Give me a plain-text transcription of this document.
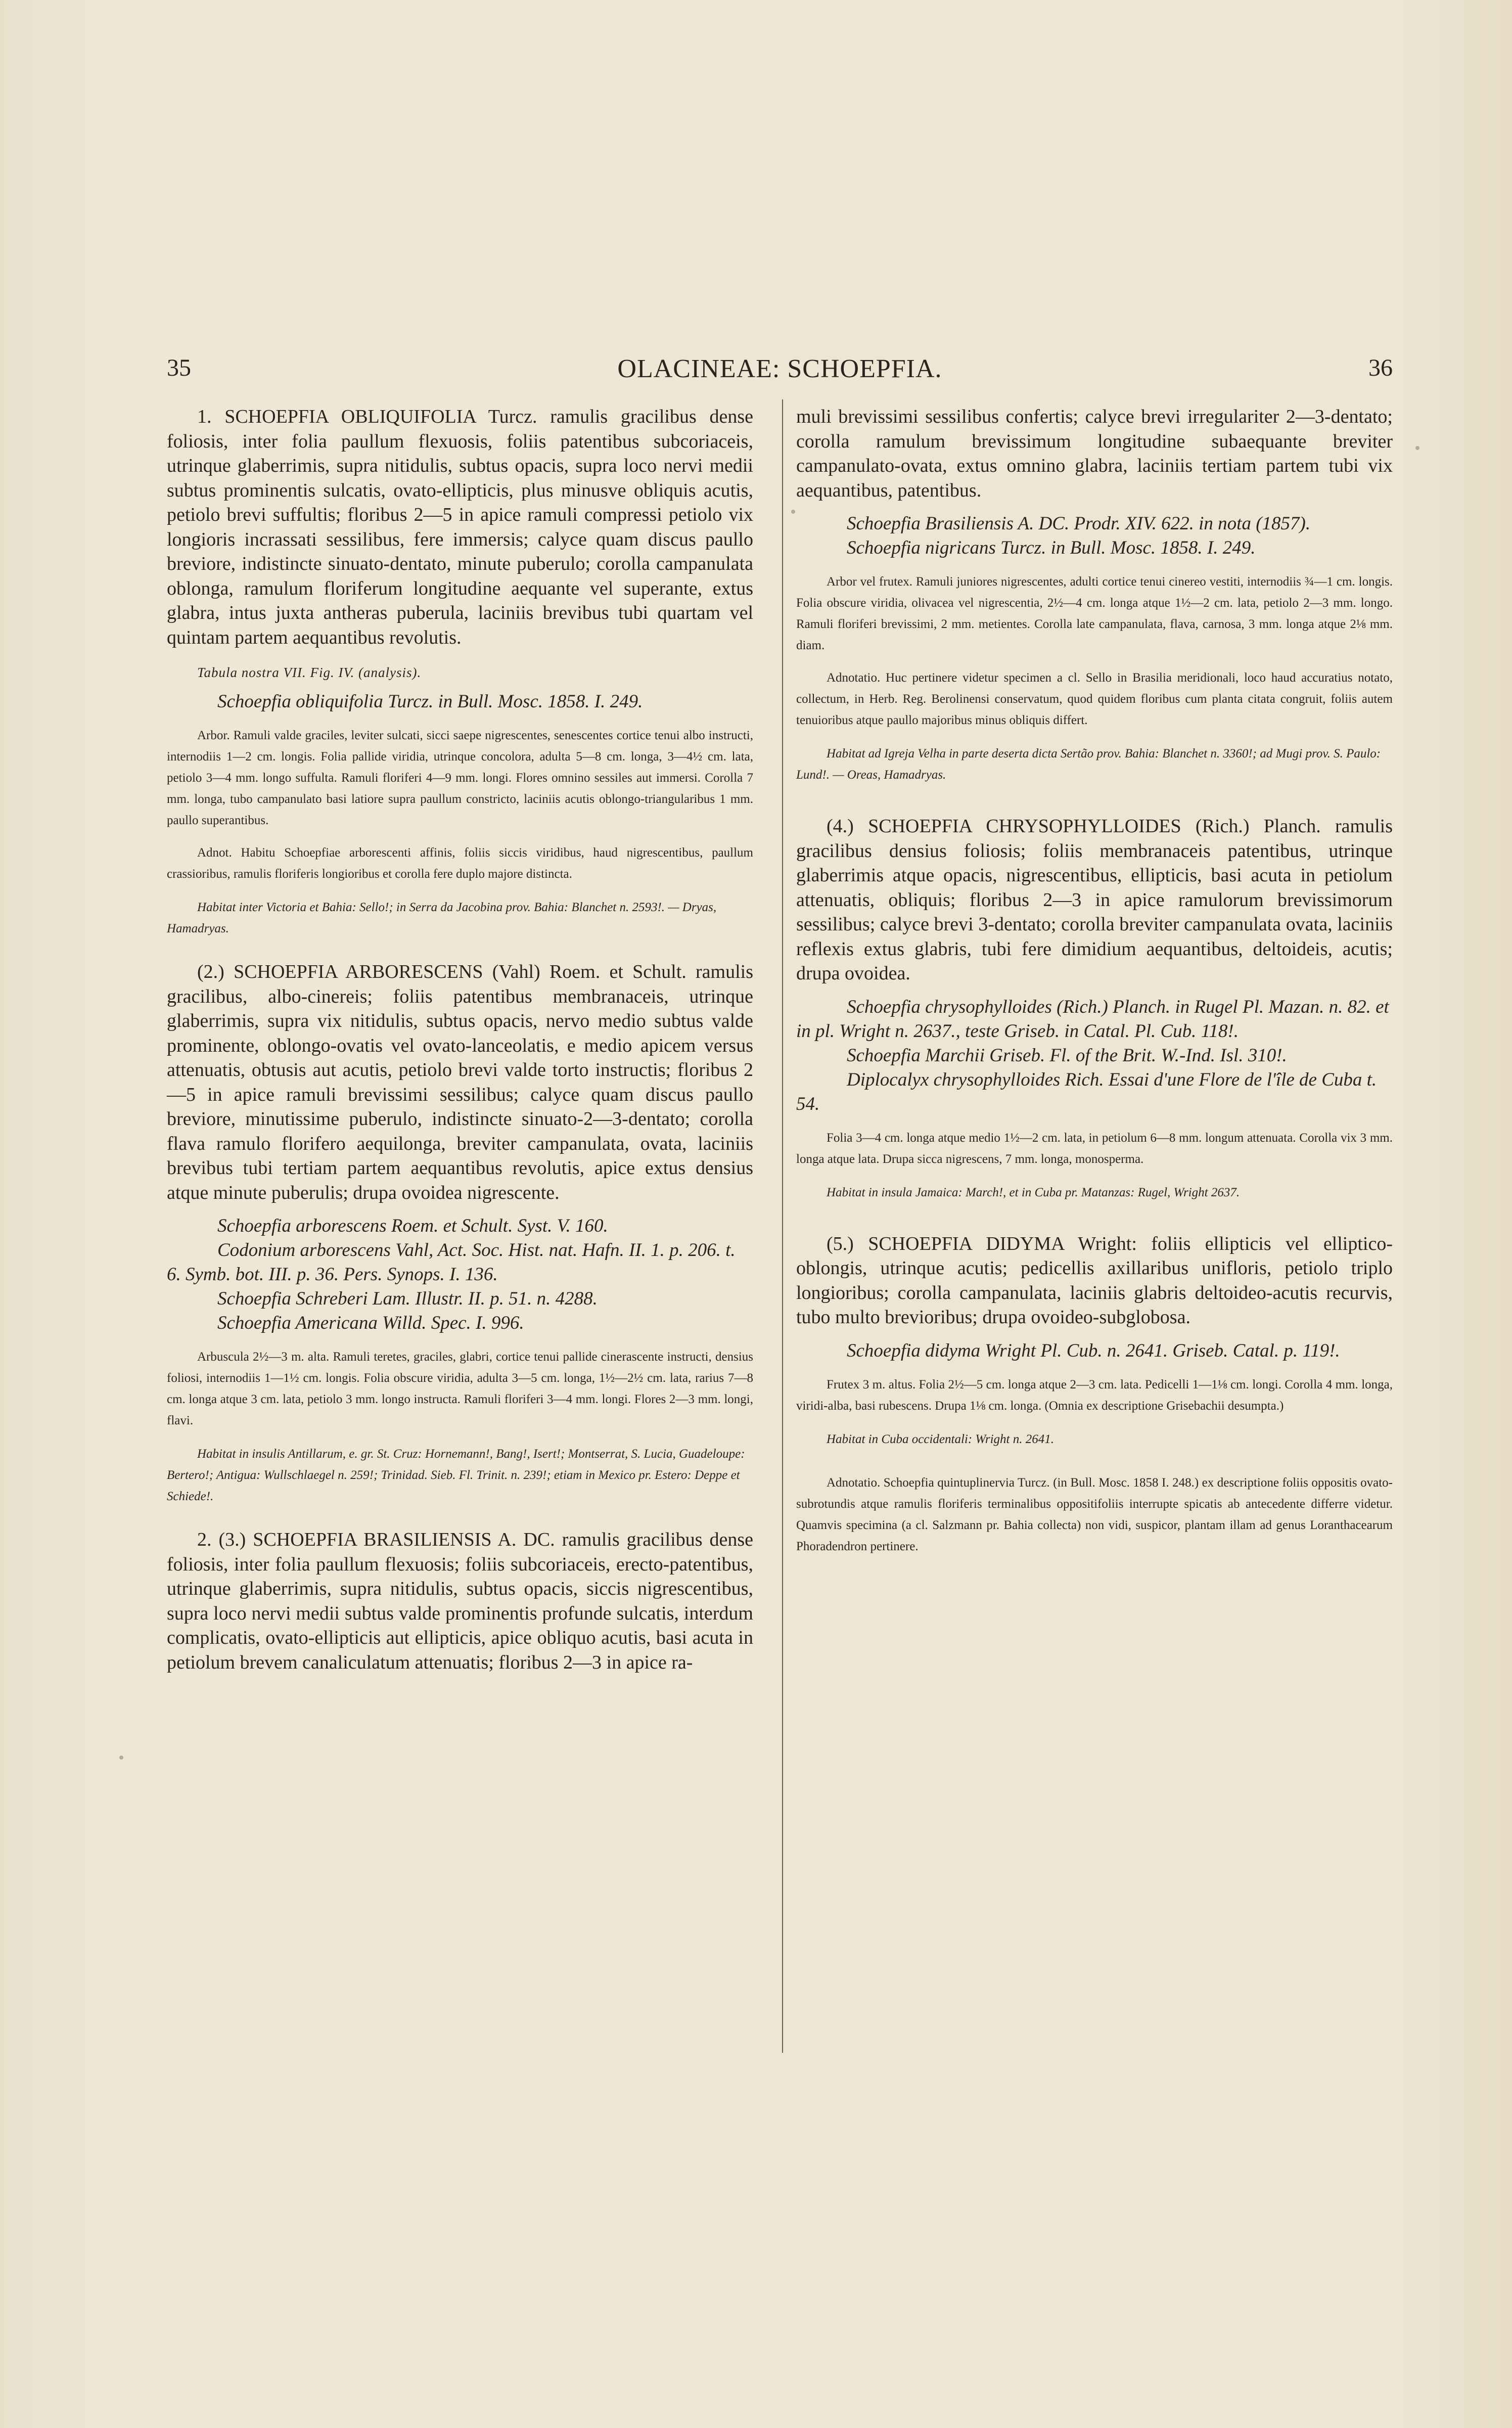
35	OLACINEAE: SCHOEPFIA.	36

1. SCHOEPFIA OBLIQUIFOLIA Turcz. ramulis gracilibus dense foliosis, inter folia paullum flexuosis, foliis patentibus subcoriaceis, utrinque glaberrimis, supra nitidulis, subtus opacis, supra loco nervi medii subtus prominentis sulcatis, ovato-ellipticis, plus minusve obliquis acutis, petiolo brevi suffultis; floribus 2—5 in apice ramuli compressi petiolo vix longioris incrassati sessilibus, fere immersis; calyce quam discus paullo breviore, indistincte sinuato-dentato, minute puberulo; corolla campanulata oblonga, ramulum floriferum longitudine aequante vel superante, extus glabra, intus juxta antheras puberula, laciniis brevibus tubi quartam vel quintam partem aequantibus revolutis.

Tabula nostra VII. Fig. IV. (analysis).

Schoepfia obliquifolia Turcz. in Bull. Mosc. 1858. I. 249.

Arbor. Ramuli valde graciles, leviter sulcati, sicci saepe nigrescentes, senescentes cortice tenui albo instructi, internodiis 1—2 cm. longis. Folia pallide viridia, utrinque concolora, adulta 5—8 cm. longa, 3—4½ cm. lata, petiolo 3—4 mm. longo suffulta. Ramuli floriferi 4—9 mm. longi. Flores omnino sessiles aut immersi. Corolla 7 mm. longa, tubo campanulato basi latiore supra paullum constricto, laciniis acutis oblongo-triangularibus 1 mm. paullo superantibus.

Adnot. Habitu Schoepfiae arborescenti affinis, foliis siccis viridibus, haud nigrescentibus, paullum crassioribus, ramulis floriferis longioribus et corolla fere duplo majore distincta.

Habitat inter Victoria et Bahia: Sello!; in Serra da Jacobina prov. Bahia: Blanchet n. 2593!. — Dryas, Hamadryas.

(2.) SCHOEPFIA ARBORESCENS (Vahl) Roem. et Schult. ramulis gracilibus, albo-cinereis; foliis patentibus membranaceis, utrinque glaberrimis, supra vix nitidulis, subtus opacis, nervo medio subtus valde prominente, oblongo-ovatis vel ovato-lanceolatis, e medio apicem versus attenuatis, obtusis aut acutis, petiolo brevi valde torto instructis; floribus 2—5 in apice ramuli brevissimi sessilibus; calyce quam discus paullo breviore, minutissime puberulo, indistincte sinuato-2—3-dentato; corolla flava ramulo florifero aequilonga, breviter campanulata, ovata, laciniis brevibus tubi tertiam partem aequantibus revolutis, apice extus densius atque minute puberulis; drupa ovoidea nigrescente.

Schoepfia arborescens Roem. et Schult. Syst. V. 160.

Codonium arborescens Vahl, Act. Soc. Hist. nat. Hafn. II. 1. p. 206. t. 6. Symb. bot. III. p. 36. Pers. Synops. I. 136.

Schoepfia Schreberi Lam. Illustr. II. p. 51. n. 4288.

Schoepfia Americana Willd. Spec. I. 996.

Arbuscula 2½—3 m. alta. Ramuli teretes, graciles, glabri, cortice tenui pallide cinerascente instructi, densius foliosi, internodiis 1—1½ cm. longis. Folia obscure viridia, adulta 3—5 cm. longa, 1½—2½ cm. lata, rarius 7—8 cm. longa atque 3 cm. lata, petiolo 3 mm. longo instructa. Ramuli floriferi 3—4 mm. longi. Flores 2—3 mm. longi, flavi.

Habitat in insulis Antillarum, e. gr. St. Cruz: Hornemann!, Bang!, Isert!; Montserrat, S. Lucia, Guadeloupe: Bertero!; Antigua: Wullschlaegel n. 259!; Trinidad. Sieb. Fl. Trinit. n. 239!; etiam in Mexico pr. Estero: Deppe et Schiede!.

2. (3.) SCHOEPFIA BRASILIENSIS A. DC. ramulis gracilibus dense foliosis, inter folia paullum flexuosis; foliis subcoriaceis, erecto-patentibus, utrinque glaberrimis, supra nitidulis, subtus opacis, siccis nigrescentibus, supra loco nervi medii subtus valde prominentis profunde sulcatis, interdum complicatis, ovato-ellipticis aut ellipticis, apice obliquo acutis, basi acuta in petiolum brevem canaliculatum attenuatis; floribus 2—3 in apice ra-

muli brevissimi sessilibus confertis; calyce brevi irregulariter 2—3-dentato; corolla ramulum brevissimum longitudine subaequante breviter campanulato-ovata, extus omnino glabra, laciniis tertiam partem tubi vix aequantibus, patentibus.

Schoepfia Brasiliensis A. DC. Prodr. XIV. 622. in nota (1857).

Schoepfia nigricans Turcz. in Bull. Mosc. 1858. I. 249.

Arbor vel frutex. Ramuli juniores nigrescentes, adulti cortice tenui cinereo vestiti, internodiis ¾—1 cm. longis. Folia obscure viridia, olivacea vel nigrescentia, 2½—4 cm. longa atque 1½—2 cm. lata, petiolo 2—3 mm. longo. Ramuli floriferi brevissimi, 2 mm. metientes. Corolla late campanulata, flava, carnosa, 3 mm. longa atque 2⅛ mm. diam.

Adnotatio. Huc pertinere videtur specimen a cl. Sello in Brasilia meridionali, loco haud accuratius notato, collectum, in Herb. Reg. Berolinensi conservatum, quod quidem floribus cum planta citata congruit, foliis autem tenuioribus atque paullo majoribus minus obliquis differt.

Habitat ad Igreja Velha in parte deserta dicta Sertão prov. Bahia: Blanchet n. 3360!; ad Mugi prov. S. Paulo: Lund!. — Oreas, Hamadryas.

(4.) SCHOEPFIA CHRYSOPHYLLOIDES (Rich.) Planch. ramulis gracilibus densius foliosis; foliis membranaceis patentibus, utrinque glaberrimis atque opacis, nigrescentibus, ellipticis, basi acuta in petiolum attenuatis, obliquis; floribus 2—3 in apice ramulorum brevissimorum sessilibus; calyce brevi 3-dentato; corolla breviter campanulata ovata, laciniis reflexis extus glabris, tubi fere dimidium aequantibus, deltoideis, acutis; drupa ovoidea.

Schoepfia chrysophylloides (Rich.) Planch. in Rugel Pl. Mazan. n. 82. et in pl. Wright n. 2637., teste Griseb. in Catal. Pl. Cub. 118!.

Schoepfia Marchii Griseb. Fl. of the Brit. W.-Ind. Isl. 310!.

Diplocalyx chrysophylloides Rich. Essai d'une Flore de l'île de Cuba t. 54.

Folia 3—4 cm. longa atque medio 1½—2 cm. lata, in petiolum 6—8 mm. longum attenuata. Corolla vix 3 mm. longa atque lata. Drupa sicca nigrescens, 7 mm. longa, monosperma.

Habitat in insula Jamaica: March!, et in Cuba pr. Matanzas: Rugel, Wright 2637.

(5.) SCHOEPFIA DIDYMA Wright: foliis ellipticis vel elliptico-oblongis, utrinque acutis; pedicellis axillaribus unifloris, petiolo triplo longioribus; corolla campanulata, laciniis glabris deltoideo-acutis recurvis, tubo multo brevioribus; drupa ovoideo-subglobosa.

Schoepfia didyma Wright Pl. Cub. n. 2641. Griseb. Catal. p. 119!.

Frutex 3 m. altus. Folia 2½—5 cm. longa atque 2—3 cm. lata. Pedicelli 1—1⅛ cm. longi. Corolla 4 mm. longa, viridi-alba, basi rubescens. Drupa 1⅛ cm. longa. (Omnia ex descriptione Grisebachii desumpta.)

Habitat in Cuba occidentali: Wright n. 2641.

Adnotatio. Schoepfia quintuplinervia Turcz. (in Bull. Mosc. 1858 I. 248.) ex descriptione foliis oppositis ovato-subrotundis atque ramulis floriferis terminalibus oppositifoliis interrupte spicatis ab antecedente differre videtur. Quamvis specimina (a cl. Salzmann pr. Bahia collecta) non vidi, suspicor, plantam illam ad genus Loranthacearum Phoradendron pertinere.
